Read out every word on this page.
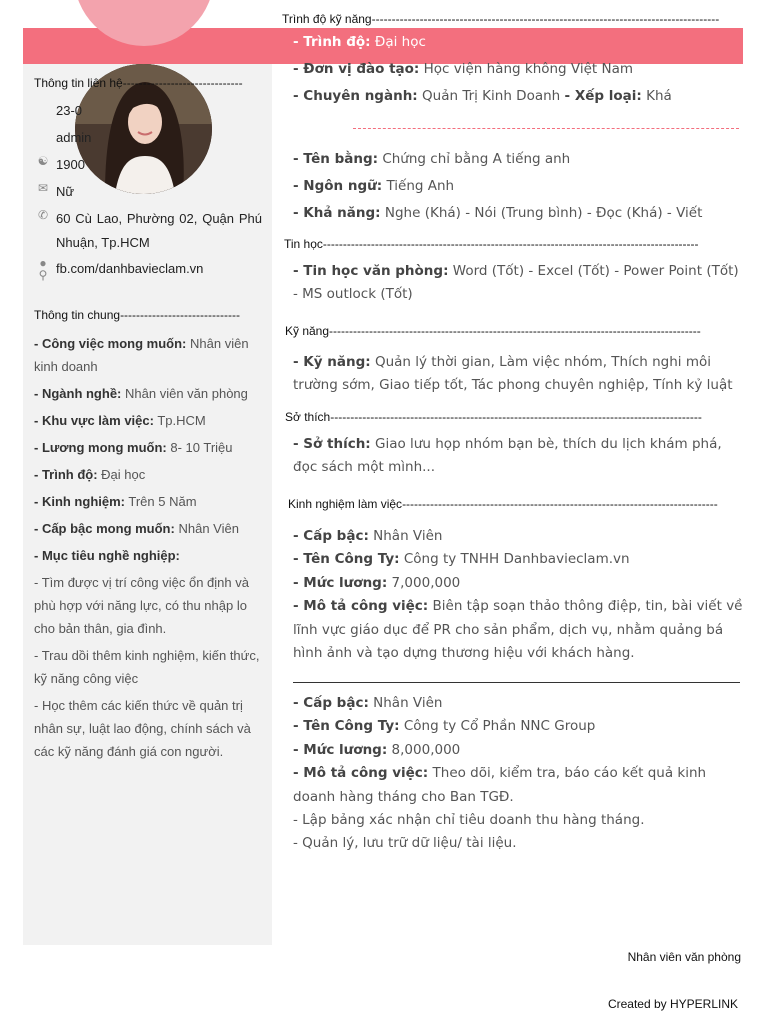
Thông tin liên hệ------------------------------
23-0
admin
☯ 1900
✉ Nữ
✆ 60 Cù Lao, Phường 02, Quận Phú Nhuận, Tp.HCM
●
⚲ fb.com/danhbavieclam.vn
Thông tin chung------------------------------
- Công việc mong muốn: Nhân viên kinh doanh
- Ngành nghề: Nhân viên văn phòng
- Khu vực làm việc: Tp.HCM
- Lương mong muốn: 8- 10 Triệu
- Trình độ: Đại học
- Kinh nghiệm: Trên 5 Năm
- Cấp bậc mong muốn: Nhân Viên
- Mục tiêu nghề nghiệp:
- Tìm được vị trí công việc ổn định và phù hợp với năng lực, có thu nhập lo cho bản thân, gia đình.
- Trau dồi thêm kinh nghiệm, kiến thức, kỹ năng công việc
- Học thêm các kiến thức về quản trị nhân sự, luật lao động, chính sách và các kỹ năng đánh giá con người.
Trình độ kỹ năng---------------------------------------------------------------------------------------
- Trình độ: Đại học
- Đơn vị đào tạo: Học viện hàng không Việt Nam
- Chuyên ngành: Quản Trị Kinh Doanh - Xếp loại: Khá
- Tên bằng: Chứng chỉ bằng A tiếng anh
- Ngôn ngữ: Tiếng Anh
- Khả năng: Nghe (Khá) - Nói (Trung bình) - Đọc (Khá) - Viết
Tin học----------------------------------------------------------------------------------------------
- Tin học văn phòng: Word (Tốt) - Excel (Tốt) - Power Point (Tốt) - MS outlock (Tốt)
Kỹ năng---------------------------------------------------------------------------------------------
- Kỹ năng: Quản lý thời gian, Làm việc nhóm, Thích nghi môi trường sớm, Giao tiếp tốt, Tác phong chuyên nghiệp, Tính kỷ luật
Sở thích---------------------------------------------------------------------------------------------
- Sở thích: Giao lưu họp nhóm bạn bè, thích du lịch khám phá, đọc sách một mình...
Kinh nghiệm làm việc-------------------------------------------------------------------------------
- Cấp bậc: Nhân Viên
- Tên Công Ty: Công ty TNHH Danhbavieclam.vn
- Mức lương: 7,000,000
- Mô tả công việc: Biên tập soạn thảo thông điệp, tin, bài viết về lĩnh vực giáo dục để PR cho sản phẩm, dịch vụ, nhằm quảng bá hình ảnh và tạo dựng thương hiệu với khách hàng.
- Cấp bậc: Nhân Viên
- Tên Công Ty: Công ty Cổ Phần NNC Group
- Mức lương: 8,000,000
- Mô tả công việc: Theo dõi, kiểm tra, báo cáo kết quả kinh doanh hàng tháng cho Ban TGĐ.
- Lập bảng xác nhận chỉ tiêu doanh thu hàng tháng.
- Quản lý, lưu trữ dữ liệu/ tài liệu.
Nhân viên văn phòng
Created by HYPERLINK
